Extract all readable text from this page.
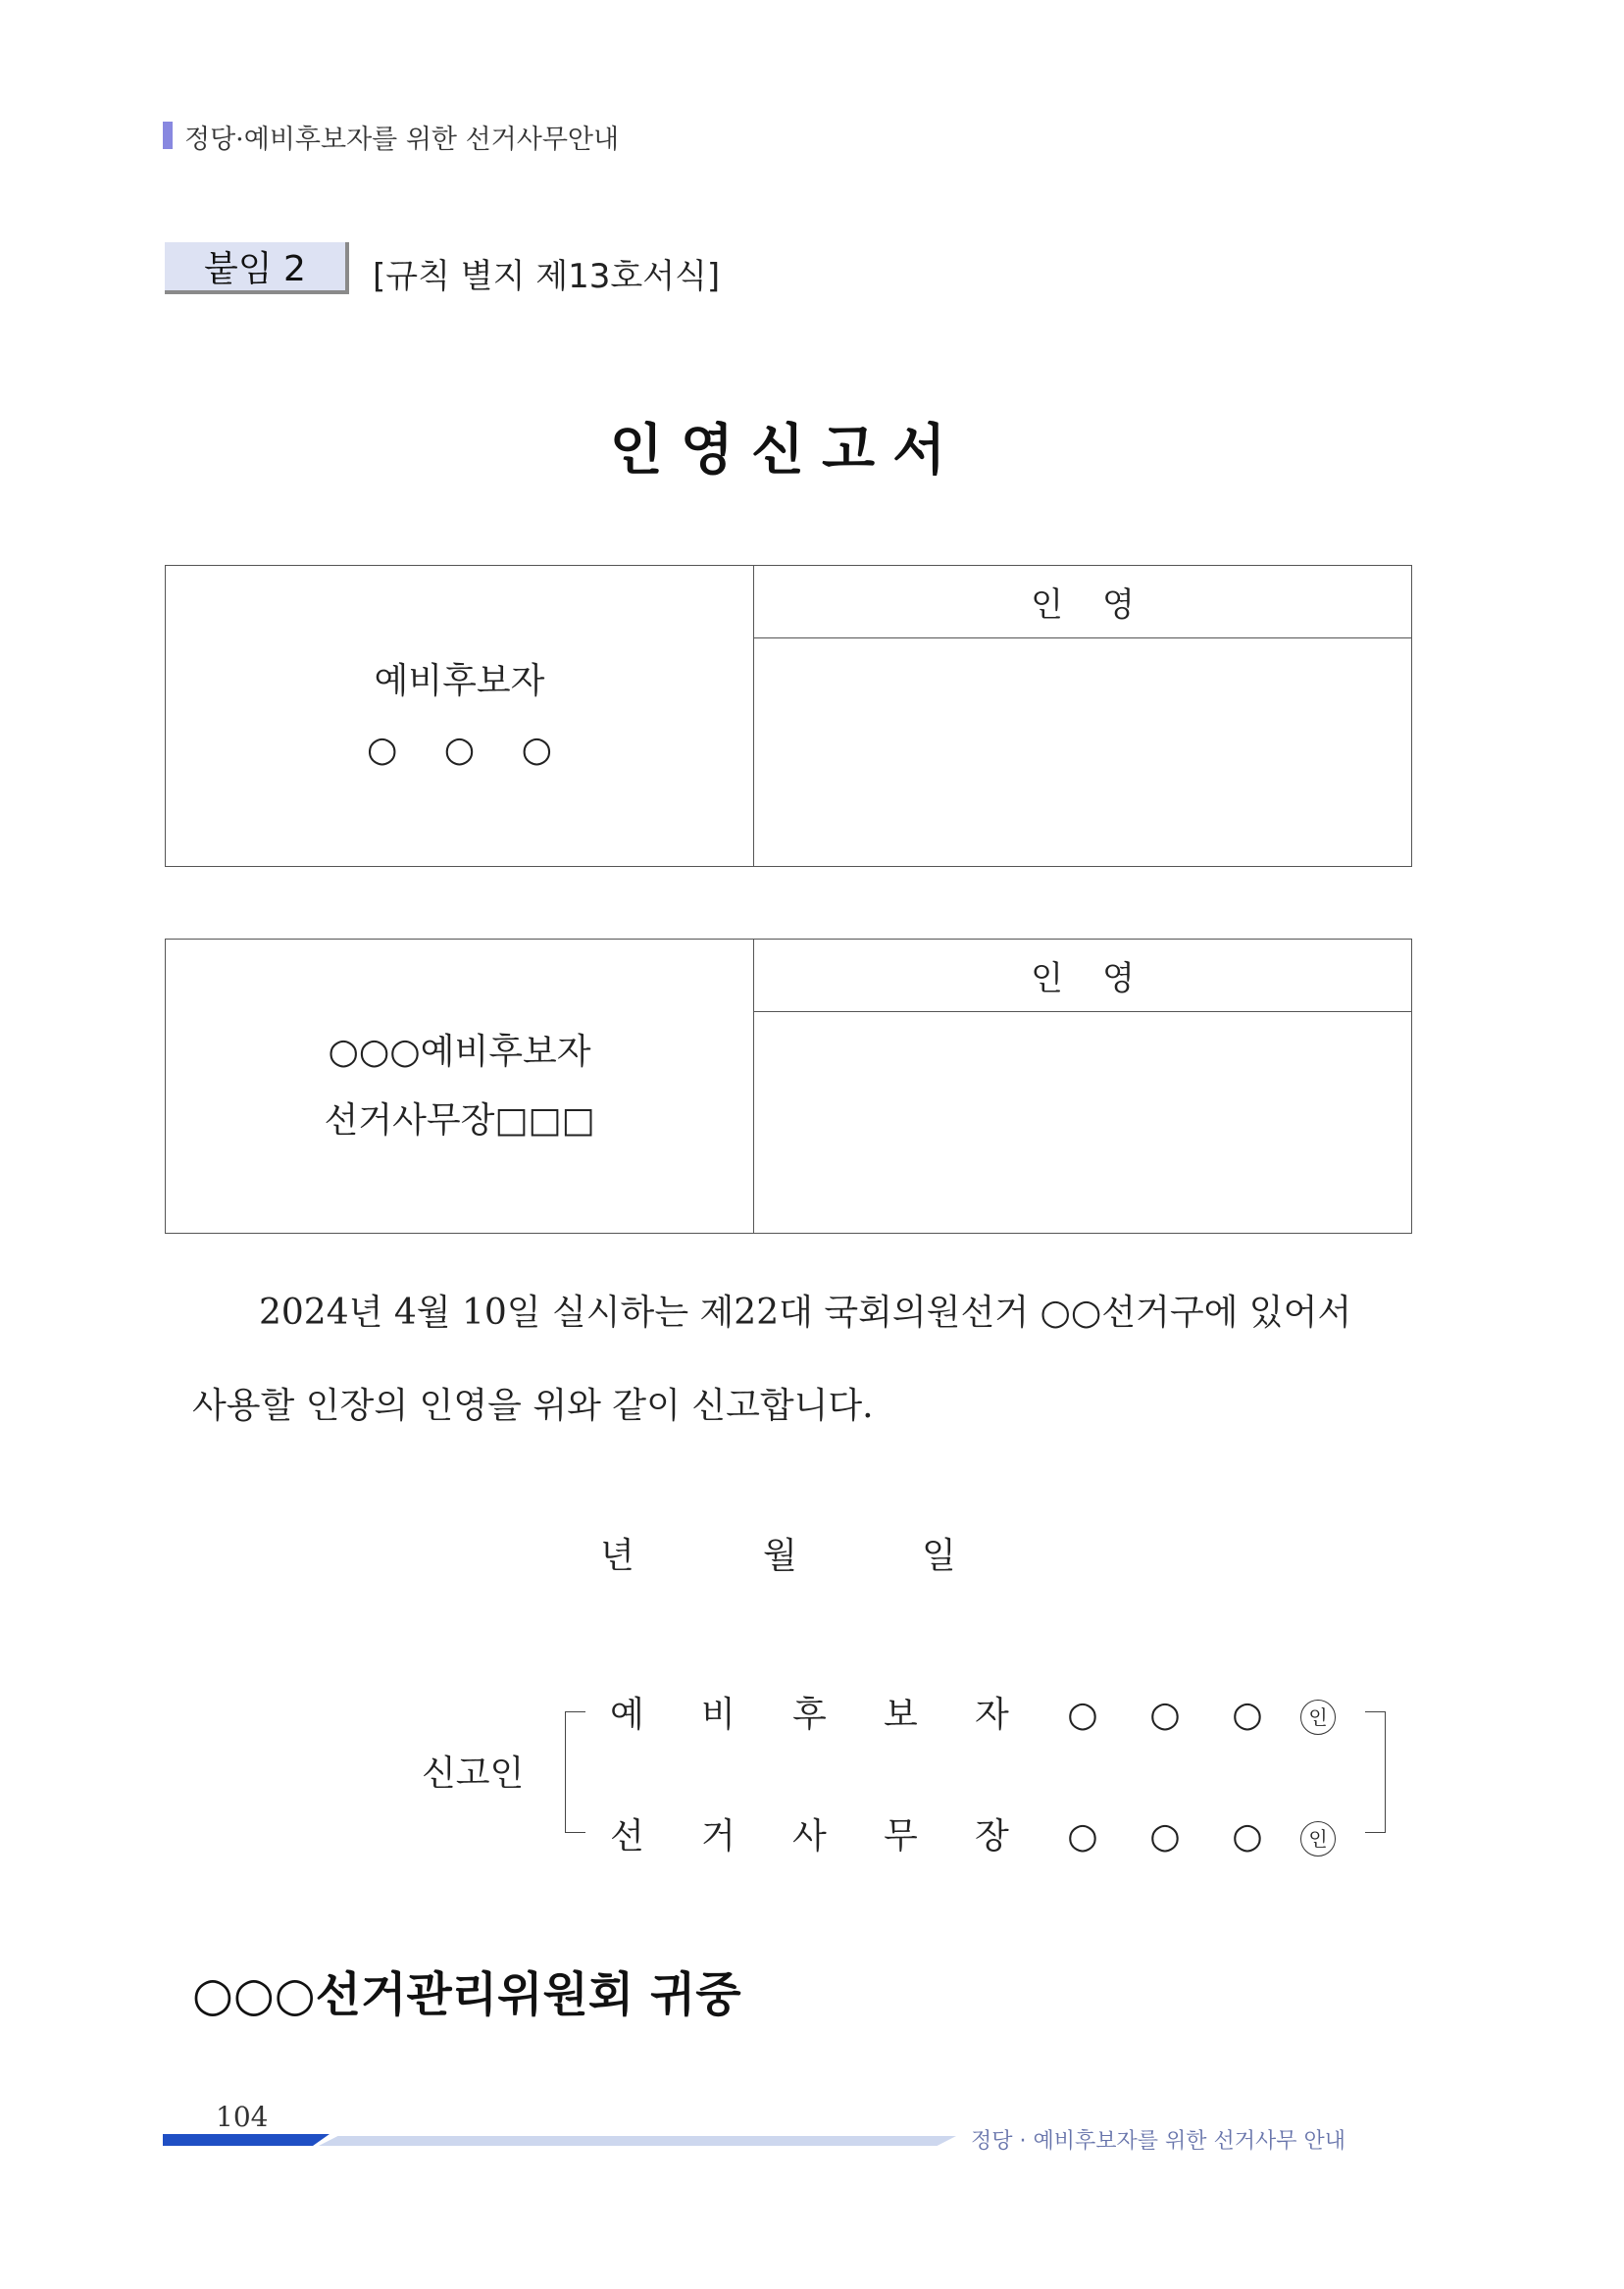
정당·예비후보자를 위한 선거사무안내
붙임 2	[규칙 별지 제13호서식]
인영신고서
예비후보자
○ ○ ○
인영
○○○예비후보자
선거사무장□□□
인영
2024년 4월 10일 실시하는 제22대 국회의원선거 ○○선거구에 있어서
사용할 인장의 인영을 위와 같이 신고합니다.
년	월	일
신고인
예 비 후 보 자 ○ ○ ○ 인
선 거 사 무 장 ○ ○ ○ 인
○○○선거관리위원회 귀중
104
정당 · 예비후보자를 위한 선거사무 안내
